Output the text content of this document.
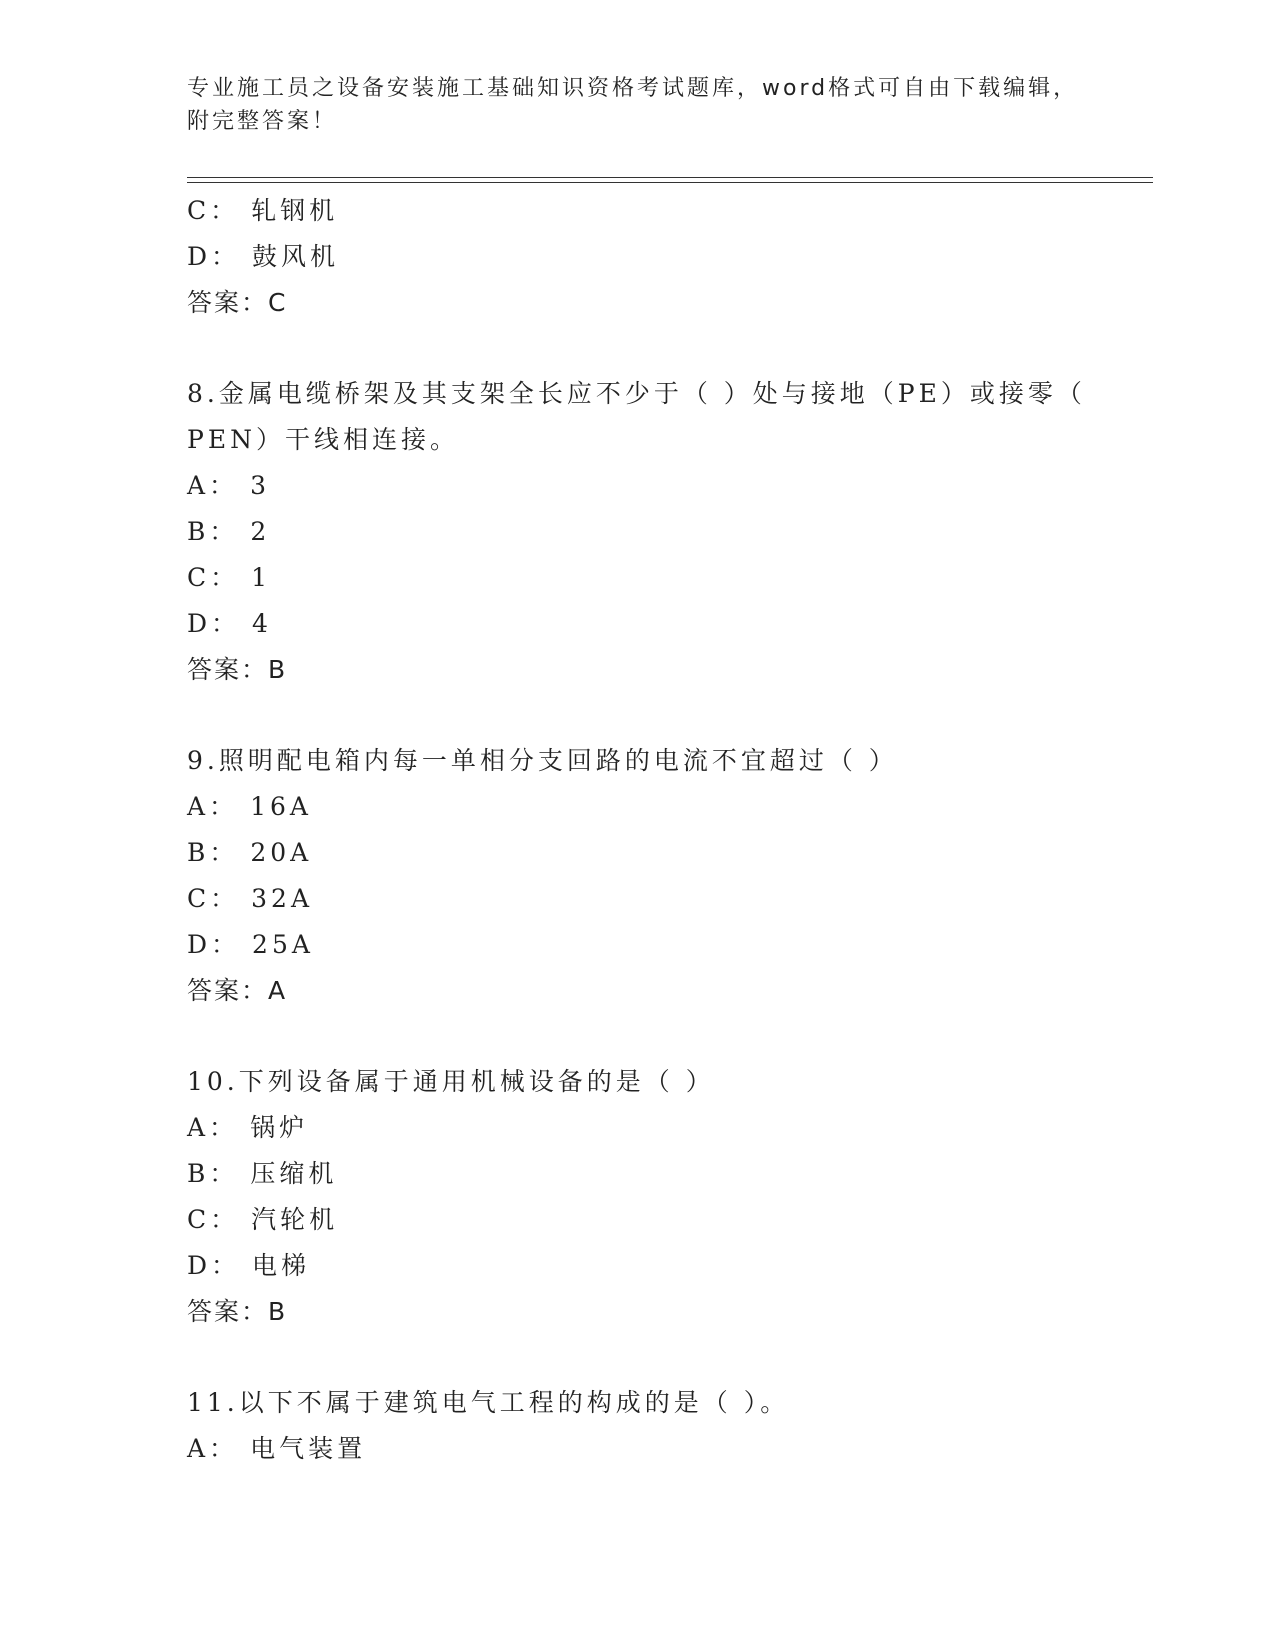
专业施工员之设备安装施工基础知识资格考试题库，word格式可自由下载编辑，
附完整答案！
C： 轧钢机
D： 鼓风机
答案：C
8.金属电缆桥架及其支架全长应不少于（ ）处与接地（PE）或接零（
PEN）干线相连接。
A： 3
B： 2
C： 1
D： 4
答案：B
9.照明配电箱内每一单相分支回路的电流不宜超过（ ）
A： 16A
B： 20A
C： 32A
D： 25A
答案：A
10.下列设备属于通用机械设备的是（ ）
A： 锅炉
B： 压缩机
C： 汽轮机
D： 电梯
答案：B
11.以下不属于建筑电气工程的构成的是（ ）。
A： 电气装置
